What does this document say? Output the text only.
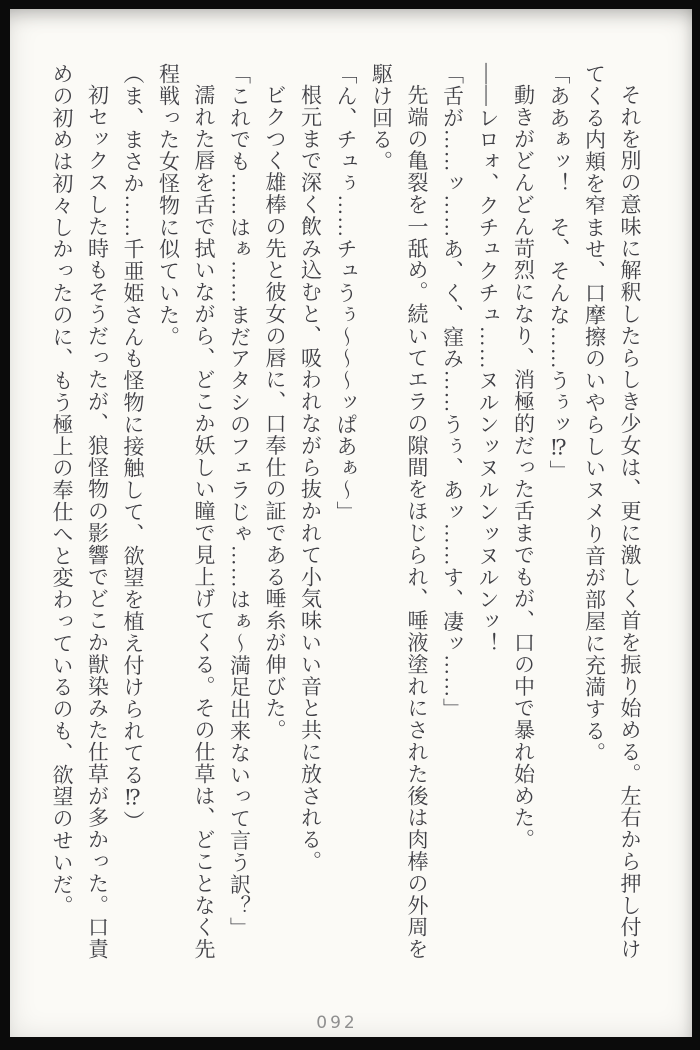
それを別の意味に解釈したらしき少女は、更に激しく首を振り始める。左右から押し付けてくる内頬を窄ませ、口摩擦のいやらしいヌメり音が部屋に充満する。

「ああぁッ！　そ、そんな……うぅッ⁉」

動きがどんどん苛烈になり、消極的だった舌までもが、口の中で暴れ始めた。

――レロォ、クチュクチュ……ヌルンッヌルンッヌルンッ！

「舌が……ッ……あ、く、窪み……うぅ、あッ……す、凄ッ……」

先端の亀裂を一舐め。続いてエラの隙間をほじられ、唾液塗れにされた後は肉棒の外周を駆け回る。

「ん、チュぅ……チュうぅ〜〜〜ッぱあぁ〜」

根元まで深く飲み込むと、吸われながら抜かれて小気味いい音と共に放される。

ビクつく雄棒の先と彼女の唇に、口奉仕の証である唾糸が伸びた。

「これでも……はぁ……まだアタシのフェラじゃ……はぁ〜満足出来ないって言う訳？」

濡れた唇を舌で拭いながら、どこか妖しい瞳で見上げてくる。その仕草は、どことなく先程戦った女怪物に似ていた。

（ま、まさか……千亜姫さんも怪物に接触して、欲望を植え付けられてる⁉）

初セックスした時もそうだったが、狼怪物の影響でどこか獣染みた仕草が多かった。口責めの初めは初々しかったのに、もう極上の奉仕へと変わっているのも、欲望のせいだ。

092
